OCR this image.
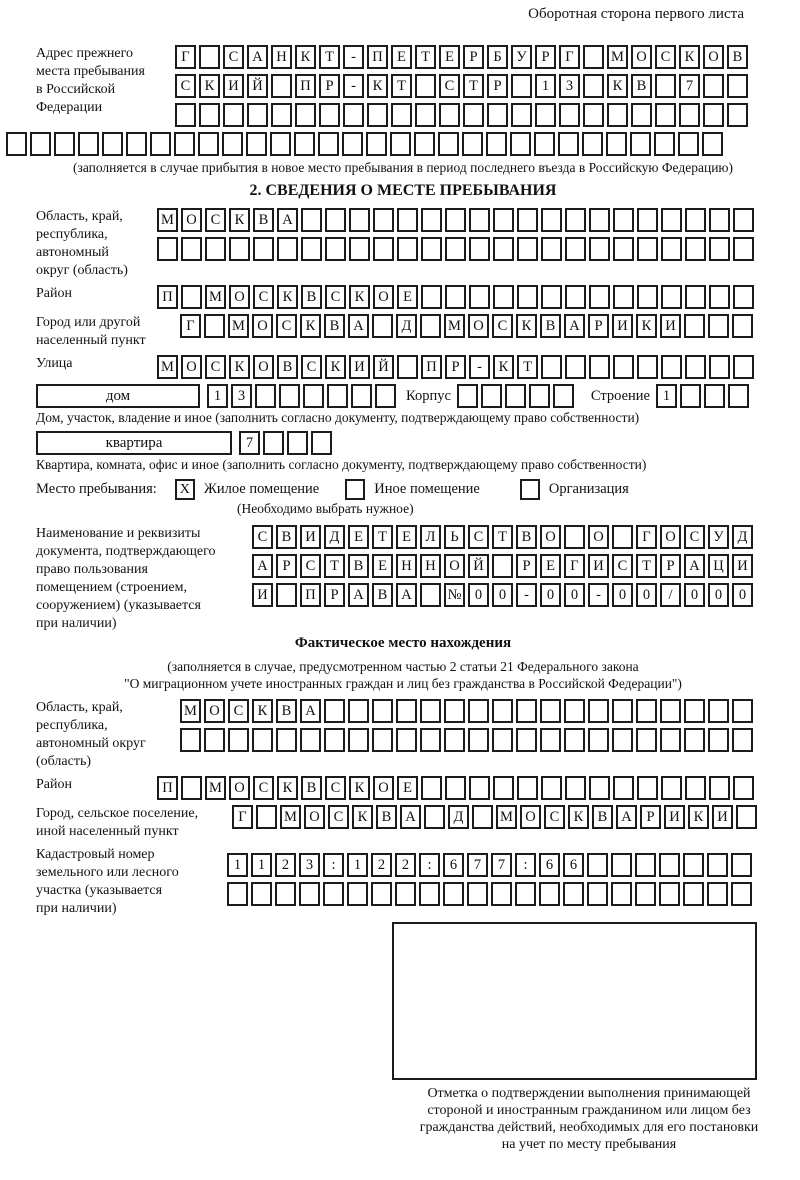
Оборотная сторона первого листа
Адрес прежнего
места пребывания
в Российской
Федерации
Г	С А Н К Т - П Е Т Е Р Б У Р Г	М О С К О В
С К И Й	П Р - К Т	С Т Р	1 3	К В	7
(заполняется в случае прибытия в новое место пребывания в период последнего въезда в Российскую Федерацию)
2. СВЕДЕНИЯ О МЕСТЕ ПРЕБЫВАНИЯ
Область, край,
республика,
автономный
округ (область)
М О С К В А
Район	П	М О С К В С К О Е
Город или другой
населенный пункт
Г	М О С К В А	Д	М О С К В А Р И К И
Улица	М О С К О В С К И Й	П Р - К Т
дом	1 3	Корпус	Строение 1
Дом, участок, владение и иное (заполнить согласно документу, подтверждающему право собственности)
квартира	7
Квартира, комната, офис и иное (заполнить согласно документу, подтверждающему право собственности)
Место пребывания: X Жилое помещение	Иное помещение	Организация
(Необходимо выбрать нужное)
Наименование и реквизиты
документа, подтверждающего
право пользования
помещением (строением,
сооружением) (указывается
при наличии)
С В И Д Е Т Е Л Ь С Т В О	О	Г О С У Д
А Р С Т В Е Н Н О Й	Р Е Г И С Т Р А Ц И
И	П Р А В А № 0 0 - 0 0 - 0 0 / 0 0 0
Фактическое место нахождения
(заполняется в случае, предусмотренном частью 2 статьи 21 Федерального закона
"О миграционном учете иностранных граждан и лиц без гражданства в Российской Федерации")
Область, край,
республика,
автономный округ
(область)
М О С К В А
Район	П	М О С К В С К О Е
Город, сельское поселение,
иной населенный пункт
Г	М О С К В А	Д	М О С К В А Р И К И
Кадастровый номер
земельного или лесного
участка (указывается
при наличии)
1 1 2 3 : 1 2 2 : 6 7 7 : 6 6
Отметка о подтверждении выполнения принимающей
стороной и иностранным гражданином или лицом без
гражданства действий, необходимых для его постановки
на учет по месту пребывания
